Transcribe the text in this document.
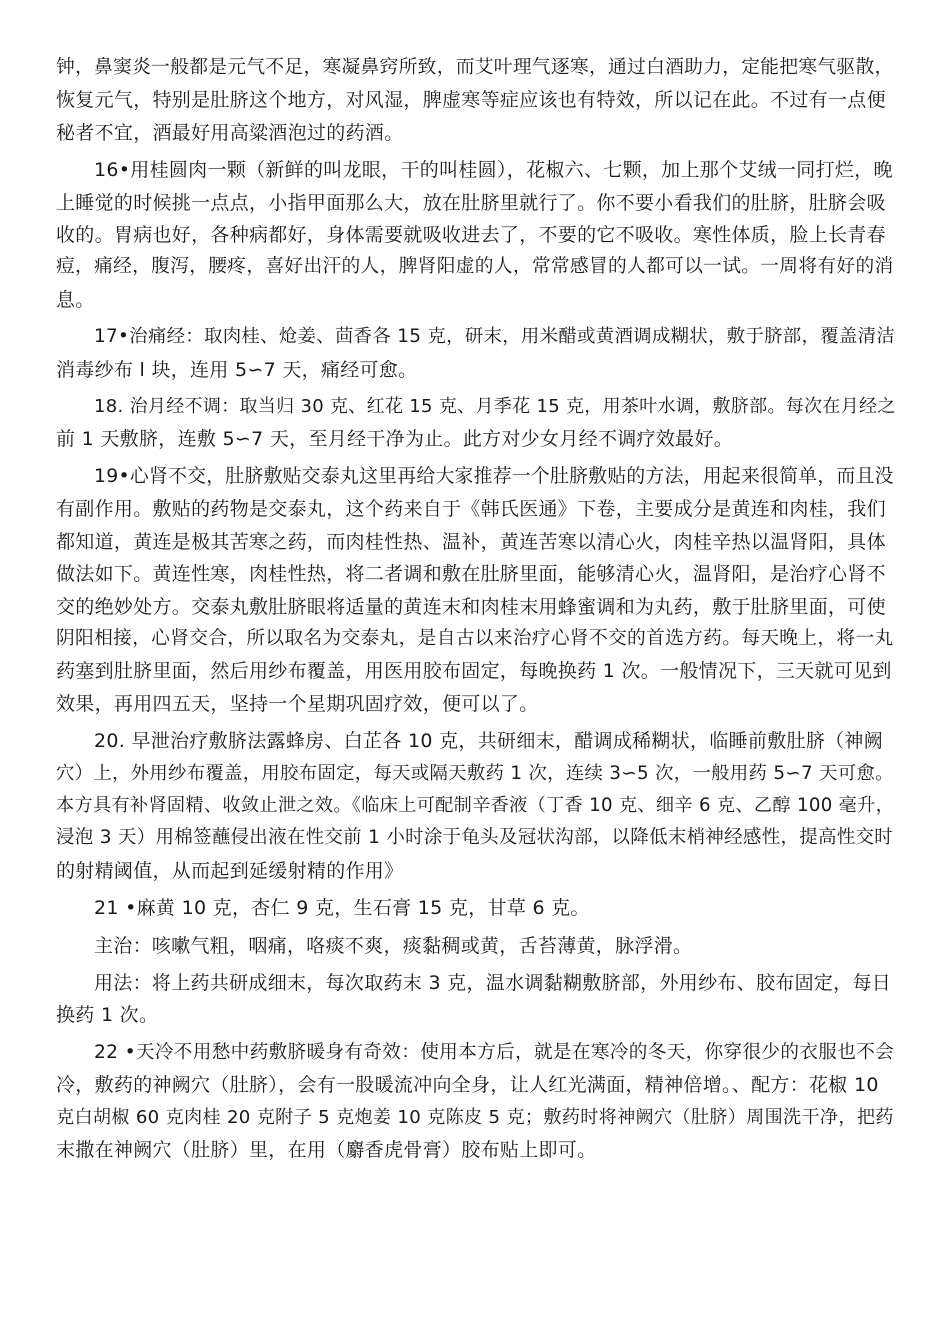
钟，鼻窦炎一般都是元气不足，寒凝鼻窍所致，而艾叶理气逐寒，通过白酒助力，定能把寒气驱散，
恢复元气，特别是肚脐这个地方，对风湿，脾虚寒等症应该也有特效，所以记在此。不过有一点便
秘者不宜，酒最好用高粱酒泡过的药酒。

16•用桂圆肉一颗（新鲜的叫龙眼，干的叫桂圆），花椒六、七颗，加上那个艾绒一同打烂，晚
上睡觉的时候挑一点点，小指甲面那么大，放在肚脐里就行了。你不要小看我们的肚脐，肚脐会吸
收的。胃病也好，各种病都好，身体需要就吸收进去了，不要的它不吸收。寒性体质，脸上长青春
痘，痛经，腹泻，腰疼，喜好出汗的人，脾肾阳虚的人，常常感冒的人都可以一试。一周将有好的消
息。

17•治痛经：取肉桂、炝姜、茴香各 15 克，研末，用米醋或黄酒调成糊状，敷于脐部，覆盖清洁
消毒纱布 l 块，连用 5∽7 天，痛经可愈。

18. 治月经不调：取当归 30 克、红花 15 克、月季花 15 克，用茶叶水调，敷脐部。每次在月经之
前 1 天敷脐，连敷 5∽7 天，至月经干净为止。此方对少女月经不调疗效最好。

19•心肾不交，肚脐敷贴交泰丸这里再给大家推荐一个肚脐敷贴的方法，用起来很简单，而且没
有副作用。敷贴的药物是交泰丸，这个药来自于《韩氏医通》下卷，主要成分是黄连和肉桂，我们
都知道，黄连是极其苦寒之药，而肉桂性热、温补，黄连苦寒以清心火，肉桂辛热以温肾阳，具体
做法如下。黄连性寒，肉桂性热，将二者调和敷在肚脐里面，能够清心火，温肾阳，是治疗心肾不
交的绝妙处方。交泰丸敷肚脐眼将适量的黄连末和肉桂末用蜂蜜调和为丸药，敷于肚脐里面，可使
阴阳相接，心肾交合，所以取名为交泰丸，是自古以来治疗心肾不交的首选方药。每天晚上，将一丸
药塞到肚脐里面，然后用纱布覆盖，用医用胶布固定，每晚换药 1 次。一般情况下，三天就可见到
效果，再用四五天，坚持一个星期巩固疗效，便可以了。

20. 早泄治疗敷脐法露蜂房、白芷各 10 克，共研细末，醋调成稀糊状，临睡前敷肚脐（神阙
穴）上，外用纱布覆盖，用胶布固定，每天或隔天敷药 1 次，连续 3∽5 次，一般用药 5∽7 天可愈。
本方具有补肾固精、收敛止泄之效。《临床上可配制辛香液（丁香 10 克、细辛 6 克、乙醇 100 毫升，
浸泡 3 天）用棉签蘸侵出液在性交前 1 小时涂于龟头及冠状沟部，以降低末梢神经感性，提高性交时
的射精阈值，从而起到延缓射精的作用》

21 •麻黄 10 克，杏仁 9 克，生石膏 15 克，甘草 6 克。

主治：咳嗽气粗，咽痛，咯痰不爽，痰黏稠或黄，舌苔薄黄，脉浮滑。

用法：将上药共研成细末，每次取药末 3 克，温水调黏糊敷脐部，外用纱布、胶布固定，每日
换药 1 次。

22 •天冷不用愁中药敷脐暖身有奇效：使用本方后，就是在寒冷的冬天，你穿很少的衣服也不会
冷，敷药的神阙穴（肚脐），会有一股暖流冲向全身，让人红光满面，精神倍增。、配方：花椒 10
克白胡椒 60 克肉桂 20 克附子 5 克炮姜 10 克陈皮 5 克；敷药时将神阙穴（肚脐）周围洗干净，把药
末撒在神阙穴（肚脐）里，在用（麝香虎骨膏）胶布贴上即可。
